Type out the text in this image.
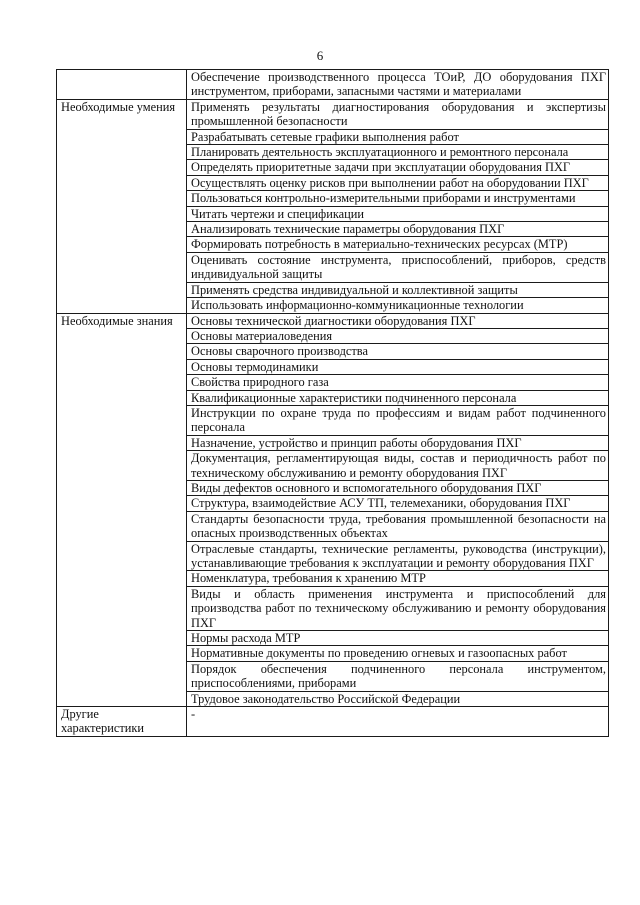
6
	Обеспечение производственного процесса ТОиР, ДО оборудования ПХГ инструментом, приборами, запасными частями и материалами
Необходимые умения	Применять результаты диагностирования оборудования и экспертизы промышленной безопасности
	Разрабатывать сетевые графики выполнения работ
	Планировать деятельность эксплуатационного и ремонтного персонала
	Определять приоритетные задачи при эксплуатации оборудования ПХГ
	Осуществлять оценку рисков при выполнении работ на оборудовании ПХГ
	Пользоваться контрольно-измерительными приборами и инструментами
	Читать чертежи и спецификации
	Анализировать технические параметры оборудования ПХГ
	Формировать потребность в материально-технических ресурсах (МТР)
	Оценивать состояние инструмента, приспособлений, приборов, средств индивидуальной защиты
	Применять средства индивидуальной и коллективной защиты
	Использовать информационно-коммуникационные технологии
Необходимые знания	Основы технической диагностики оборудования ПХГ
	Основы материаловедения
	Основы сварочного производства
	Основы термодинамики
	Свойства природного газа
	Квалификационные характеристики подчиненного персонала
	Инструкции по охране труда по профессиям и видам работ подчиненного персонала
	Назначение, устройство и принцип работы оборудования ПХГ
	Документация, регламентирующая виды, состав и периодичность работ по техническому обслуживанию и ремонту оборудования ПХГ
	Виды дефектов основного и вспомогательного оборудования ПХГ
	Структура, взаимодействие АСУ ТП, телемеханики, оборудования ПХГ
	Стандарты безопасности труда, требования промышленной безопасности на опасных производственных объектах
	Отраслевые стандарты, технические регламенты, руководства (инструкции), устанавливающие требования к эксплуатации и ремонту оборудования ПХГ
	Номенклатура, требования к хранению МТР
	Виды и область применения инструмента и приспособлений для производства работ по техническому обслуживанию и ремонту оборудования ПХГ
	Нормы расхода МТР
	Нормативные документы по проведению огневых и газоопасных работ
	Порядок обеспечения подчиненного персонала инструментом, приспособлениями, приборами
	Трудовое законодательство Российской Федерации
Другие характеристики	-
